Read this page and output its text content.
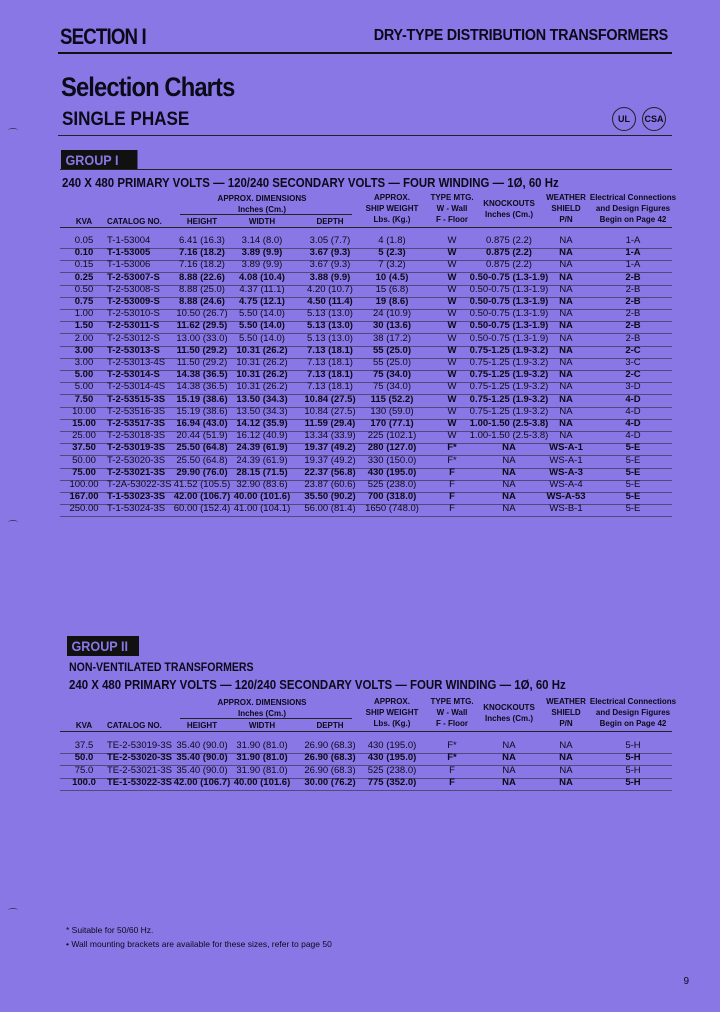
SECTION I	DRY-TYPE DISTRIBUTION TRANSFORMERS
Selection Charts
SINGLE PHASE	UL	CSA
GROUP I
240 X 480 PRIMARY VOLTS — 120/240 SECONDARY VOLTS — FOUR WINDING — 1Ø, 60 Hz
KVA	CATALOG NO.
APPROX. DIMENSIONS
Inches (Cm.)
HEIGHT	WIDTH	DEPTH
APPROX.
SHIP WEIGHT
Lbs. (Kg.)
TYPE MTG.
W - Wall
F - Floor
KNOCKOUTS
Inches (Cm.)
WEATHER
SHIELD
P/N
Electrical Connections
and Design Figures
Begin on Page 42
0.05	T-1-53004	6.41 (16.3)	3.14 (8.0)	3.05 (7.7)	4 (1.8)	W	0.875 (2.2)	NA	1-A
0.10	T-1-53005	7.16 (18.2)	3.89 (9.9)	3.67 (9.3)	5 (2.3)	W	0.875 (2.2)	NA	1-A
0.15	T-1-53006	7.16 (18.2)	3.89 (9.9)	3.67 (9.3)	7 (3.2)	W	0.875 (2.2)	NA	1-A
0.25	T-2-53007-S	8.88 (22.6)	4.08 (10.4)	3.88 (9.9)	10 (4.5)	W	0.50-0.75 (1.3-1.9)	NA	2-B
0.50	T-2-53008-S	8.88 (25.0)	4.37 (11.1)	4.20 (10.7)	15 (6.8)	W	0.50-0.75 (1.3-1.9)	NA	2-B
0.75	T-2-53009-S	8.88 (24.6)	4.75 (12.1)	4.50 (11.4)	19 (8.6)	W	0.50-0.75 (1.3-1.9)	NA	2-B
1.00	T-2-53010-S	10.50 (26.7)	5.50 (14.0)	5.13 (13.0)	24 (10.9)	W	0.50-0.75 (1.3-1.9)	NA	2-B
1.50	T-2-53011-S	11.62 (29.5)	5.50 (14.0)	5.13 (13.0)	30 (13.6)	W	0.50-0.75 (1.3-1.9)	NA	2-B
2.00	T-2-53012-S	13.00 (33.0)	5.50 (14.0)	5.13 (13.0)	38 (17.2)	W	0.50-0.75 (1.3-1.9)	NA	2-B
3.00	T-2-53013-S	11.50 (29.2) 10.31 (26.2)	7.13 (18.1)	55 (25.0)	W	0.75-1.25 (1.9-3.2)	NA	2-C
3.00	T-2-53013-4S	11.50 (29.2) 10.31 (26.2)	7.13 (18.1)	55 (25.0)	W	0.75-1.25 (1.9-3.2)	NA	3-C
5.00	T-2-53014-S	14.38 (36.5) 10.31 (26.2)	7.13 (18.1)	75 (34.0)	W	0.75-1.25 (1.9-3.2)	NA	2-C
5.00	T-2-53014-4S	14.38 (36.5) 10.31 (26.2)	7.13 (18.1)	75 (34.0)	W	0.75-1.25 (1.9-3.2)	NA	3-D
7.50	T-2-53515-3S	15.19 (38.6) 13.50 (34.3)	10.84 (27.5)	115 (52.2)	W	0.75-1.25 (1.9-3.2)	NA	4-D
10.00	T-2-53516-3S	15.19 (38.6) 13.50 (34.3)	10.84 (27.5)	130 (59.0)	W	0.75-1.25 (1.9-3.2)	NA	4-D
15.00	T-2-53517-3S	16.94 (43.0) 14.12 (35.9)	11.59 (29.4)	170 (77.1)	W	1.00-1.50 (2.5-3.8)	NA	4-D
25.00	T-2-53018-3S	20.44 (51.9) 16.12 (40.9)	13.34 (33.9)	225 (102.1)	W	1.00-1.50 (2.5-3.8)	NA	4-D
37.50	T-2-53019-3S	25.50 (64.8) 24.39 (61.9)	19.37 (49.2)	280 (127.0)	F*	NA	WS-A-1	5-E
50.00	T-2-53020-3S	25.50 (64.8) 24.39 (61.9)	19.37 (49.2)	330 (150.0)	F*	NA	WS-A-1	5-E
75.00	T-2-53021-3S	29.90 (76.0) 28.15 (71.5)	22.37 (56.8)	430 (195.0)	F	NA	WS-A-3	5-E
100.00 T-2A-53022-3S 41.52 (105.5) 32.90 (83.6)	23.87 (60.6)	525 (238.0)	F	NA	WS-A-4	5-E
167.00 T-1-53023-3S 42.00 (106.7) 40.00 (101.6)	35.50 (90.2)	700 (318.0)	F	NA	WS-A-53	5-E
250.00 T-1-53024-3S 60.00 (152.4) 41.00 (104.1)	56.00 (81.4) 1650 (748.0)	F	NA	WS-B-1	5-E
GROUP II
NON-VENTILATED TRANSFORMERS
240 X 480 PRIMARY VOLTS — 120/240 SECONDARY VOLTS — FOUR WINDING — 1Ø, 60 Hz
KVA	CATALOG NO.
APPROX. DIMENSIONS
Inches (Cm.)
HEIGHT	WIDTH	DEPTH
APPROX.
SHIP WEIGHT
Lbs. (Kg.)
TYPE MTG.
W - Wall
F - Floor
KNOCKOUTS
Inches (Cm.)
WEATHER
SHIELD
P/N
Electrical Connections
and Design Figures
Begin on Page 42
37.5	TE-2-53019-3S 35.40 (90.0) 31.90 (81.0)	26.90 (68.3)	430 (195.0)	F*	NA	NA	5-H
50.0	TE-2-53020-3S 35.40 (90.0) 31.90 (81.0)	26.90 (68.3)	430 (195.0)	F*	NA	NA	5-H
75.0	TE-2-53021-3S 35.40 (90.0) 31.90 (81.0)	26.90 (68.3)	525 (238.0)	F	NA	NA	5-H
100.0	TE-1-53022-3S 42.00 (106.7) 40.00 (101.6)	30.00 (76.2)	775 (352.0)	F	NA	NA	5-H
* Suitable for 50/60 Hz.
• Wall mounting brackets are available for these sizes, refer to page 50
9
⌒
⌒
⌒
